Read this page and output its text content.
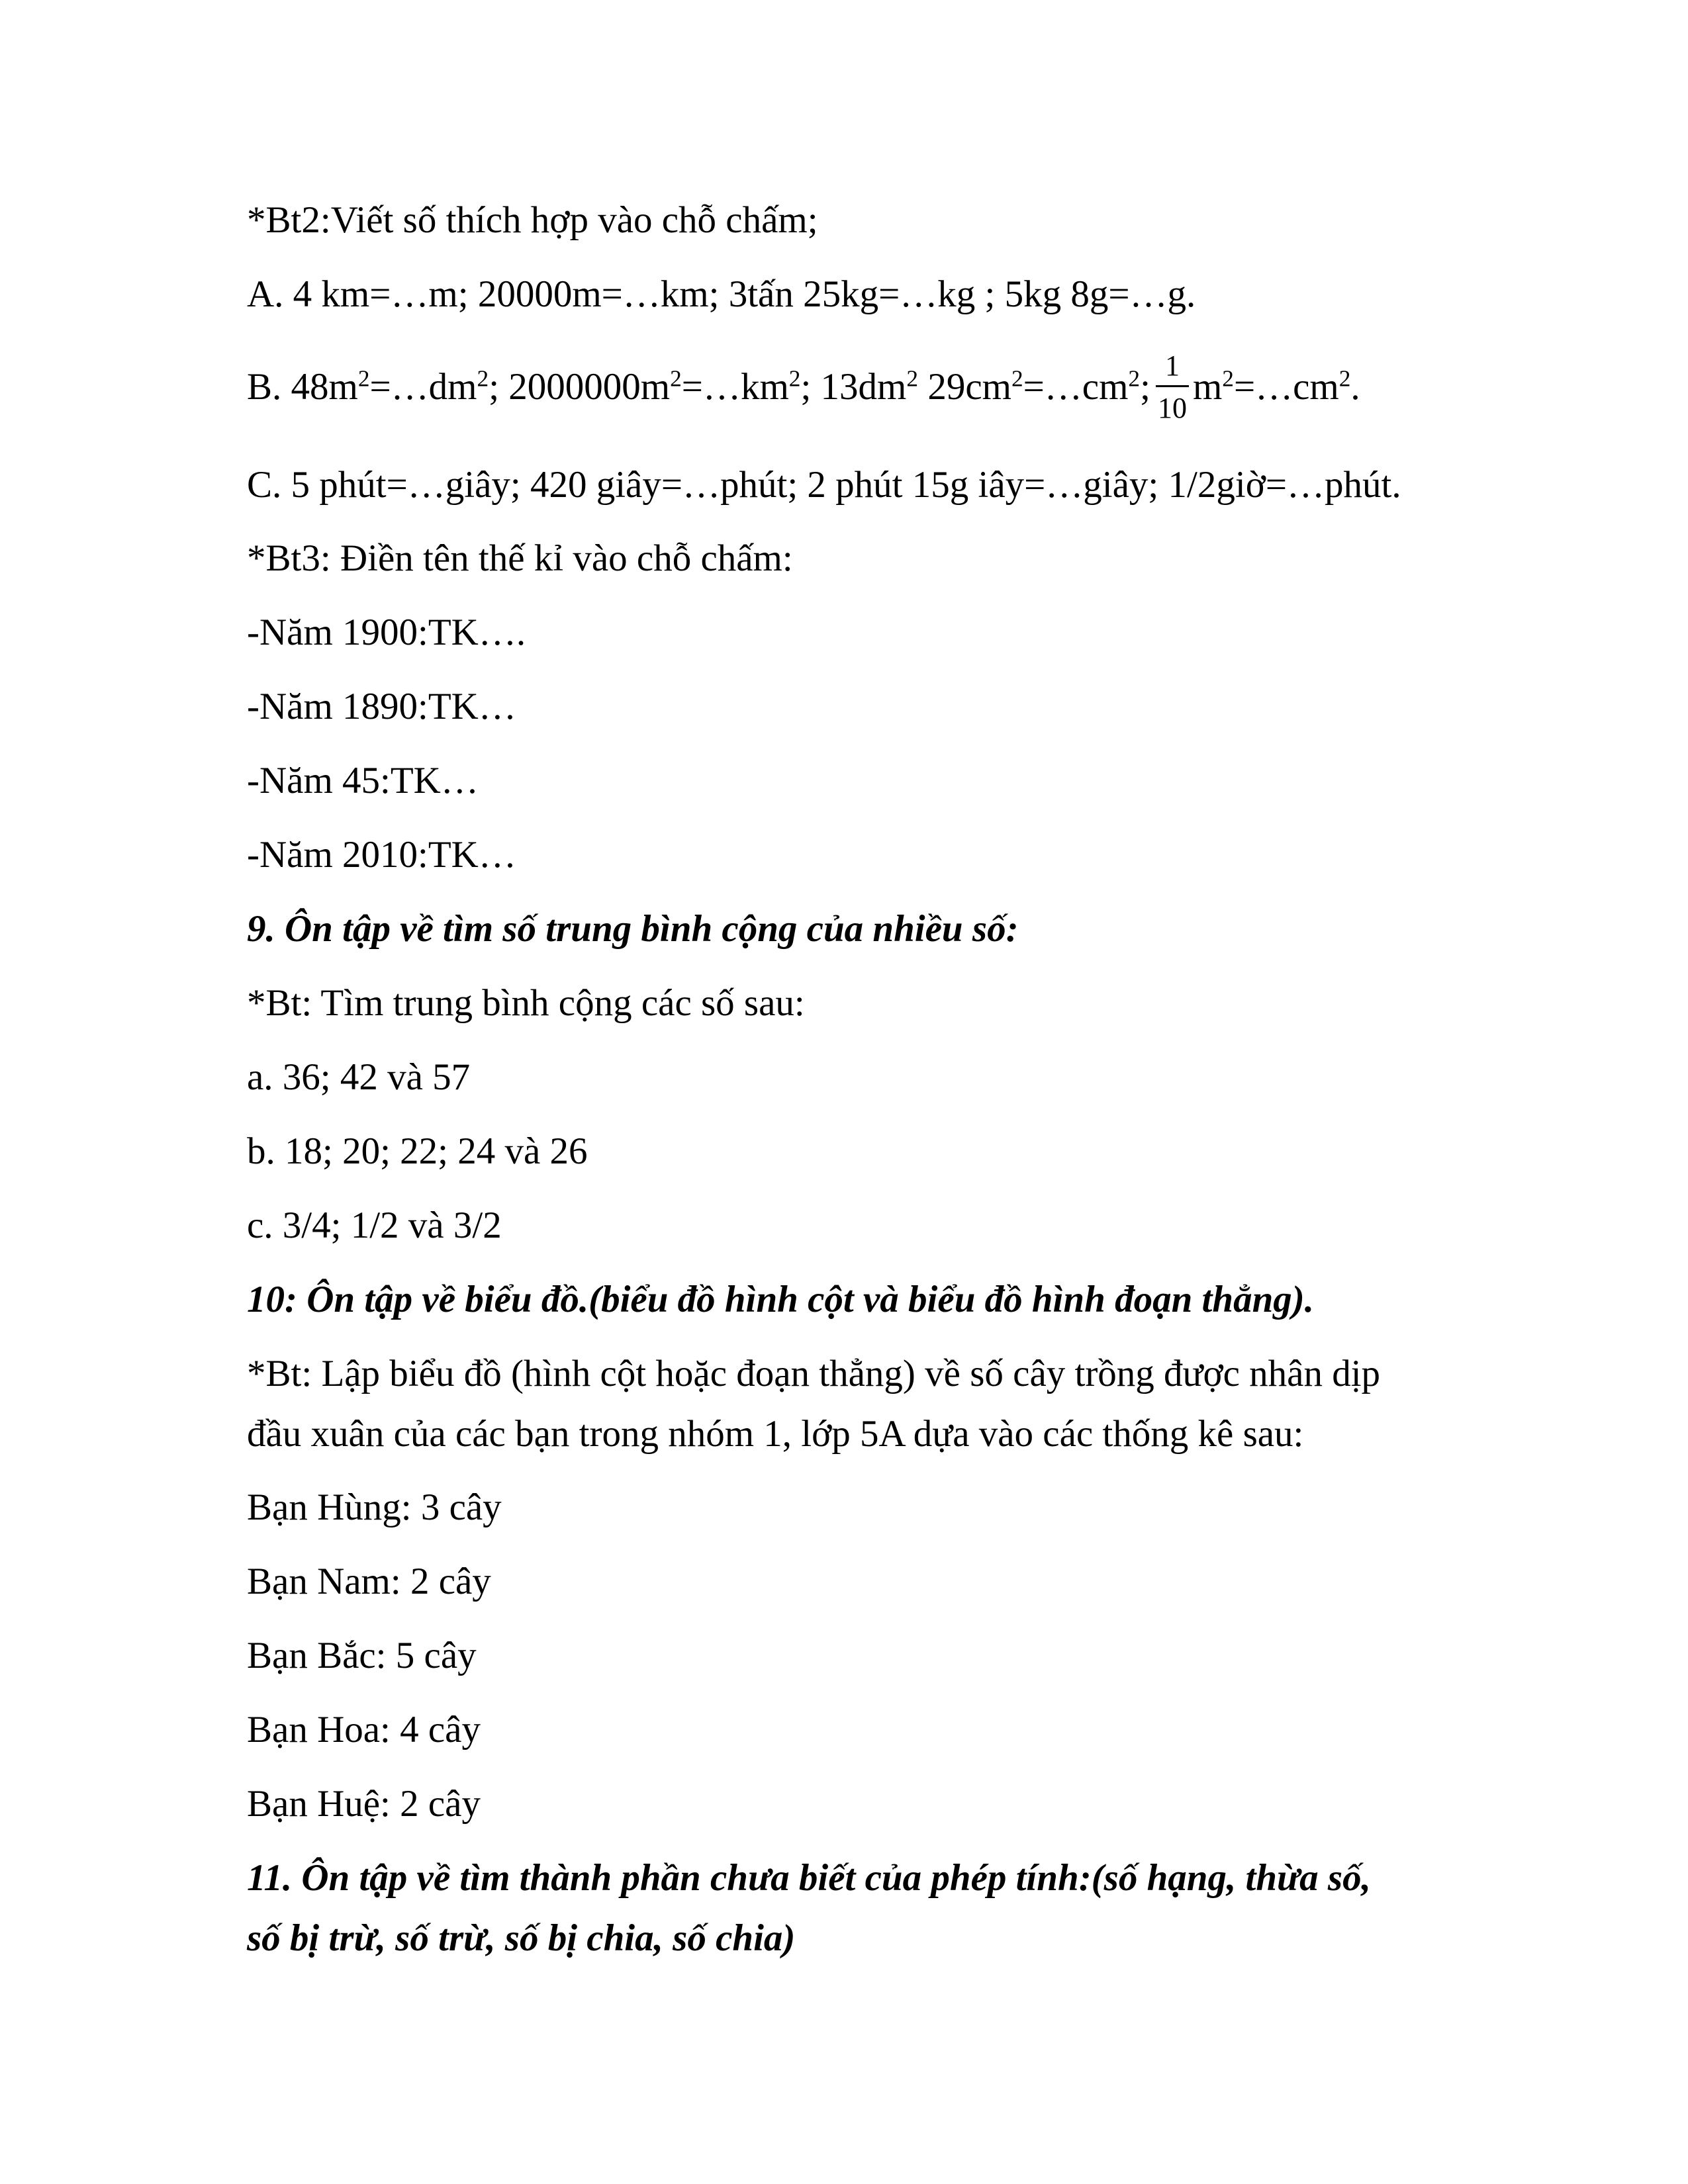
*Bt2:Viết số thích hợp vào chỗ chấm;
A. 4 km=…m; 20000m=…km; 3tấn 25kg=…kg ; 5kg 8g=…g.
B. $48m^2=\dots dm^2$; $2000000m^2=\dots km^2$; $13dm^2$ $29cm^2=\dots cm^2$; $\frac{1}{10}$ $m^2=\dots cm^2$.
C. 5 phút=…giây; 420 giây=…phút; 2 phút 15g iây=…giây; 1/2giờ=…phút.
*Bt3: Điền tên thế kỉ vào chỗ chấm:
-Năm 1900:TK….
-Năm 1890:TK…
-Năm 45:TK…
-Năm 2010:TK…
9. Ôn tập về tìm số trung bình cộng của nhiều số:
*Bt: Tìm trung bình cộng các số sau:
a. 36; 42 và 57
b. 18; 20; 22; 24 và 26
c. 3/4; 1/2 và 3/2
10: Ôn tập về biểu đồ.(biểu đồ hình cột và biểu đồ hình đoạn thẳng).
*Bt: Lập biểu đồ (hình cột hoặc đoạn thẳng) về số cây trồng được nhân dịp
đầu xuân của các bạn trong nhóm 1, lớp 5A dựa vào các thống kê sau:
Bạn Hùng: 3 cây
Bạn Nam: 2 cây
Bạn Bắc: 5 cây
Bạn Hoa: 4 cây
Bạn Huệ: 2 cây
11. Ôn tập về tìm thành phần chưa biết của phép tính:(số hạng, thừa số,
số bị trừ, số trừ, số bị chia, số chia)
